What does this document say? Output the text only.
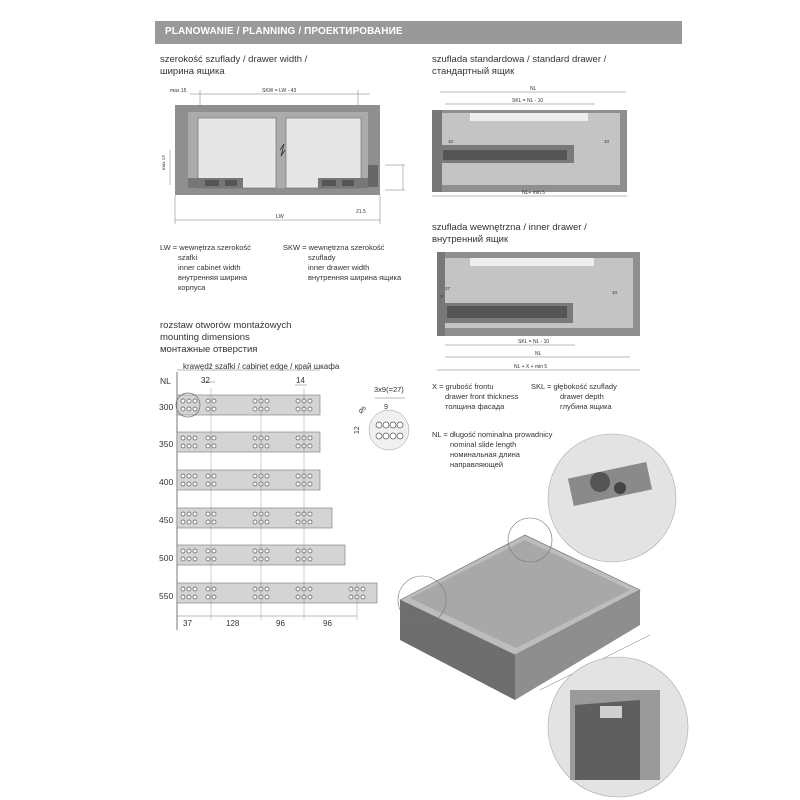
PLANOWANIE / PLANNING / ПРОЕКТИРОВАНИЕ

szerokość szuflady / drawer width /

ширина ящика

szuflada standardowa / standard drawer /

стандартный ящик

szuflada wewnętrzna / inner drawer /

внутренний ящик

rozstaw otworów montażowych

mounting dimensions

монтажные отверстия

LW = wewnętrza szerokość

szafki

inner cabinet width

внутренняя ширина

корпуса

SKW = wewnętrzna szerokość

szuflady

inner drawer width

внутренняя ширина ящика

X = grubość frontu

drawer front thickness

толщина фасада

SKL = głębokość szuflady

drawer depth

глубина ящика

NL = długość nominalna prowadnicy

nominal slide length

номинальная длина

направляющей

krawędź szafki / cabinet edge / край шкафа

NL
300
350
400
450
500
550
max 15	SKW = LW - 43
max 13
LW
21.5
NL
SKL = NL - 10
10	10
NL+ min 5
37
X
10
SKL = NL - 10
NL
NL + X + min 5
32	14
37	128	96	96
3x9(=27)
9
12
Ø5
